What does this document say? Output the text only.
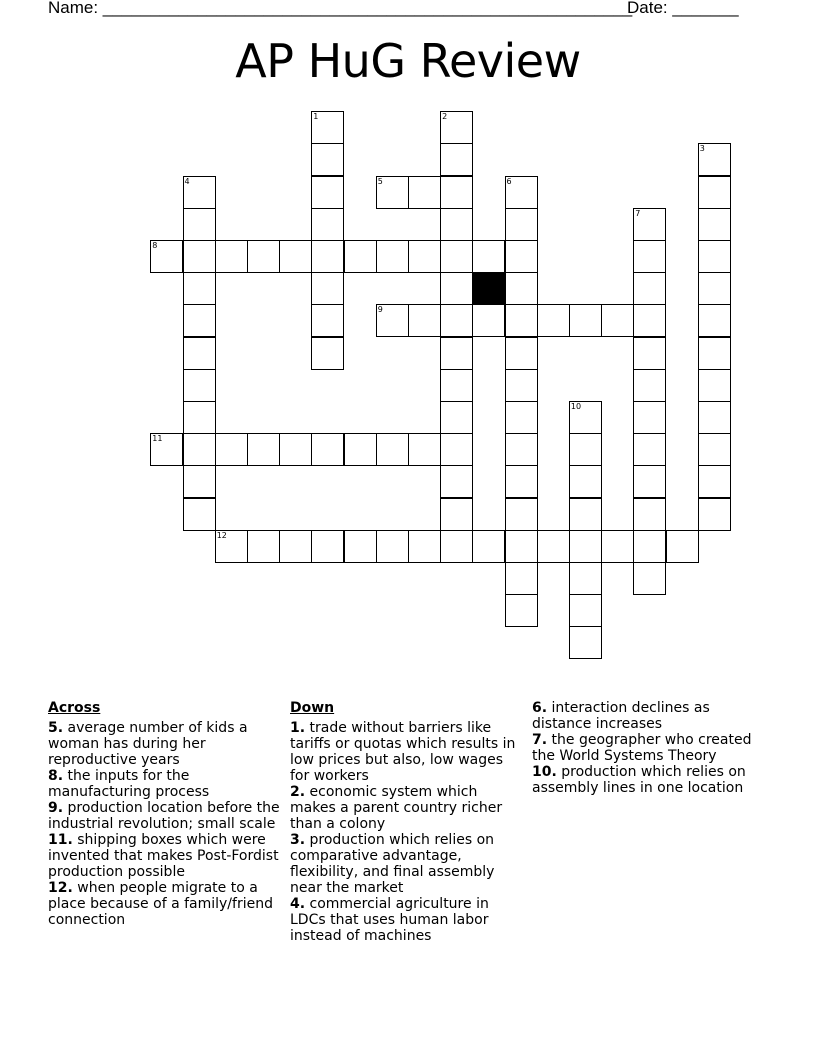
Name: ________________________________________________________
Date: _______
AP HuG Review
1	2
3
4	5	6
7
8
9
10
11
12
Across
5. average number of kids a woman has during her reproductive years
8. the inputs for the manufacturing process
9. production location before the industrial revolution; small scale
11. shipping boxes which were invented that makes Post-Fordist production possible
12. when people migrate to a place because of a family/friend connection
Down
1. trade without barriers like tariffs or quotas which results in low prices but also, low wages for workers
2. economic system which makes a parent country richer than a colony
3. production which relies on comparative advantage, flexibility, and final assembly near the market
4. commercial agriculture in LDCs that uses human labor instead of machines
6. interaction declines as distance increases
7. the geographer who created the World Systems Theory
10. production which relies on assembly lines in one location
